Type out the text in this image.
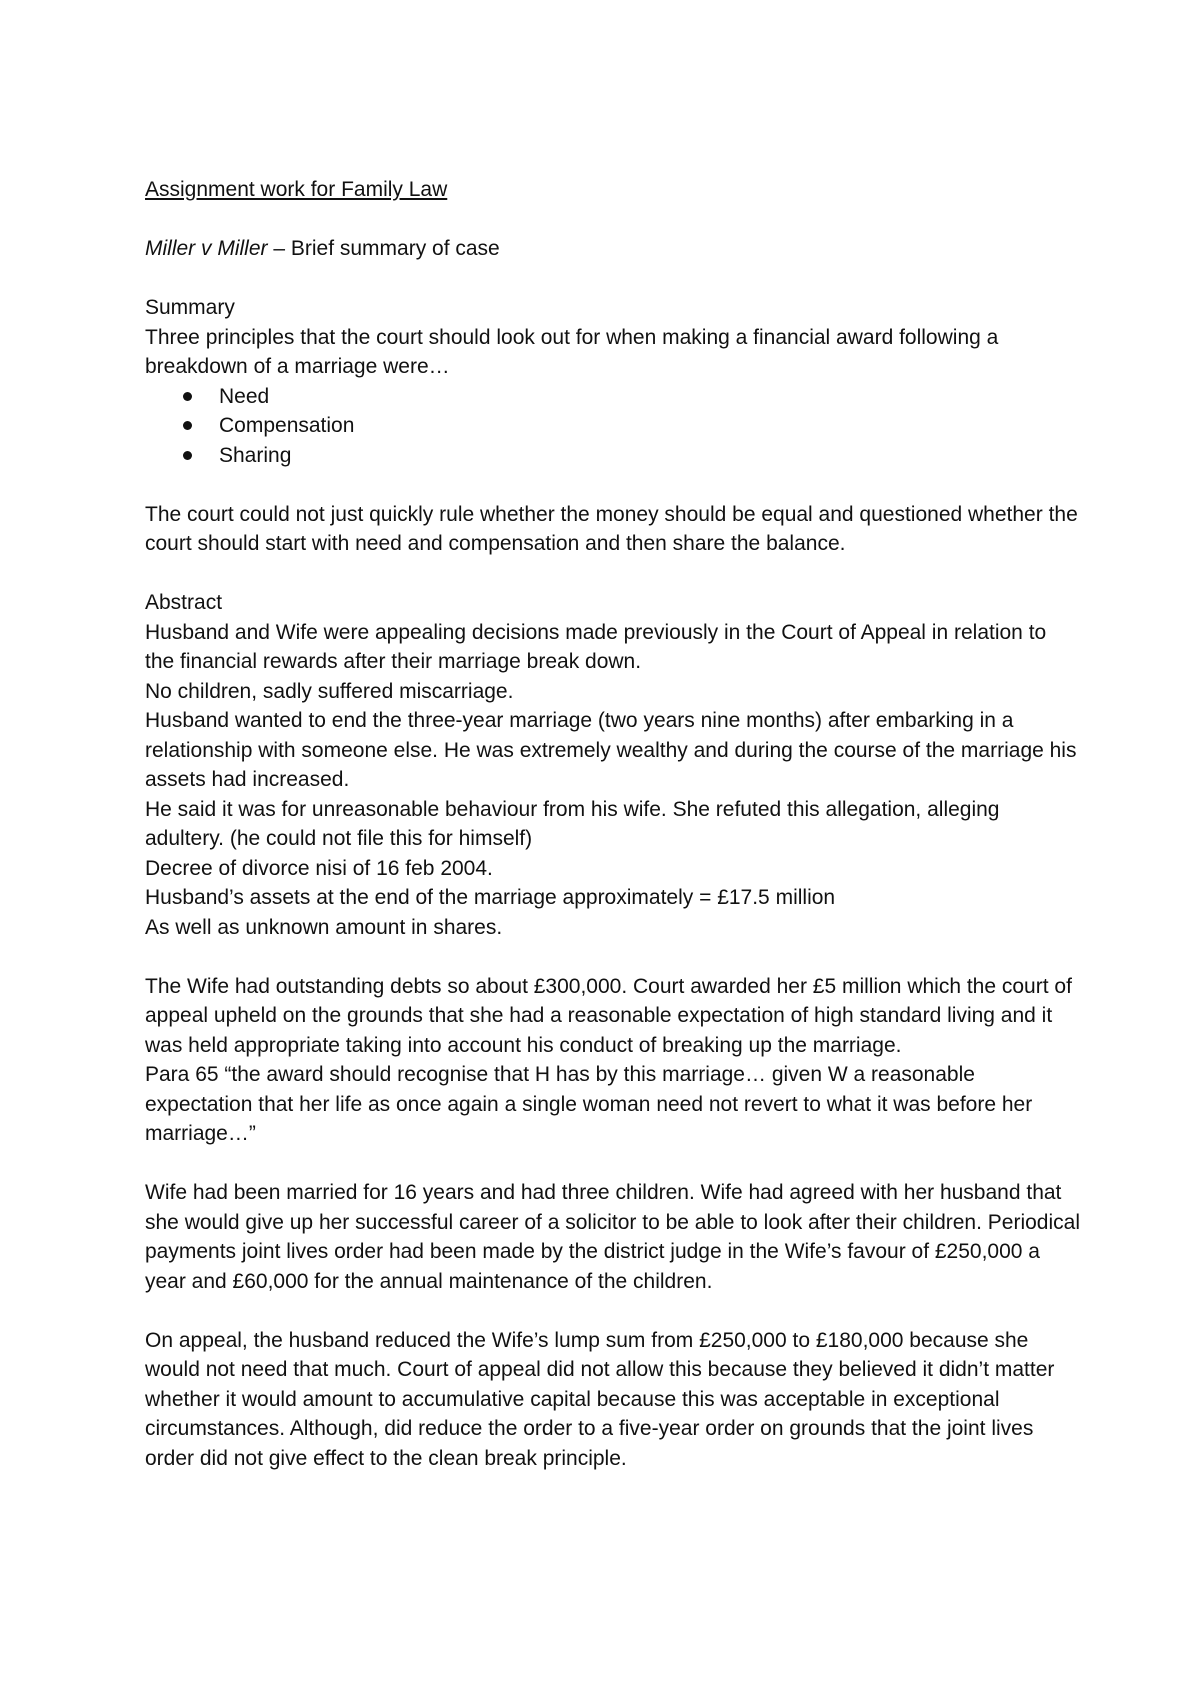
Assignment work for Family Law

Miller v Miller – Brief summary of case

Summary

Three principles that the court should look out for when making a financial award following a breakdown of a marriage were…

Need
Compensation
Sharing

The court could not just quickly rule whether the money should be equal and questioned whether the court should start with need and compensation and then share the balance.

Abstract

Husband and Wife were appealing decisions made previously in the Court of Appeal in relation to the financial rewards after their marriage break down.

No children, sadly suffered miscarriage.

Husband wanted to end the three-year marriage (two years nine months) after embarking in a relationship with someone else. He was extremely wealthy and during the course of the marriage his assets had increased.

He said it was for unreasonable behaviour from his wife. She refuted this allegation, alleging adultery. (he could not file this for himself)

Decree of divorce nisi of 16 feb 2004.

Husband’s assets at the end of the marriage approximately = £17.5 million

As well as unknown amount in shares.

The Wife had outstanding debts so about £300,000. Court awarded her £5 million which the court of appeal upheld on the grounds that she had a reasonable expectation of high standard living and it was held appropriate taking into account his conduct of breaking up the marriage.

Para 65 “the award should recognise that H has by this marriage… given W a reasonable expectation that her life as once again a single woman need not revert to what it was before her marriage…”

Wife had been married for 16 years and had three children. Wife had agreed with her husband that she would give up her successful career of a solicitor to be able to look after their children. Periodical payments joint lives order had been made by the district judge in the Wife’s favour of £250,000 a year and £60,000 for the annual maintenance of the children.

On appeal, the husband reduced the Wife’s lump sum from £250,000 to £180,000 because she would not need that much. Court of appeal did not allow this because they believed it didn’t matter whether it would amount to accumulative capital because this was acceptable in exceptional circumstances. Although, did reduce the order to a five-year order on grounds that the joint lives order did not give effect to the clean break principle.
